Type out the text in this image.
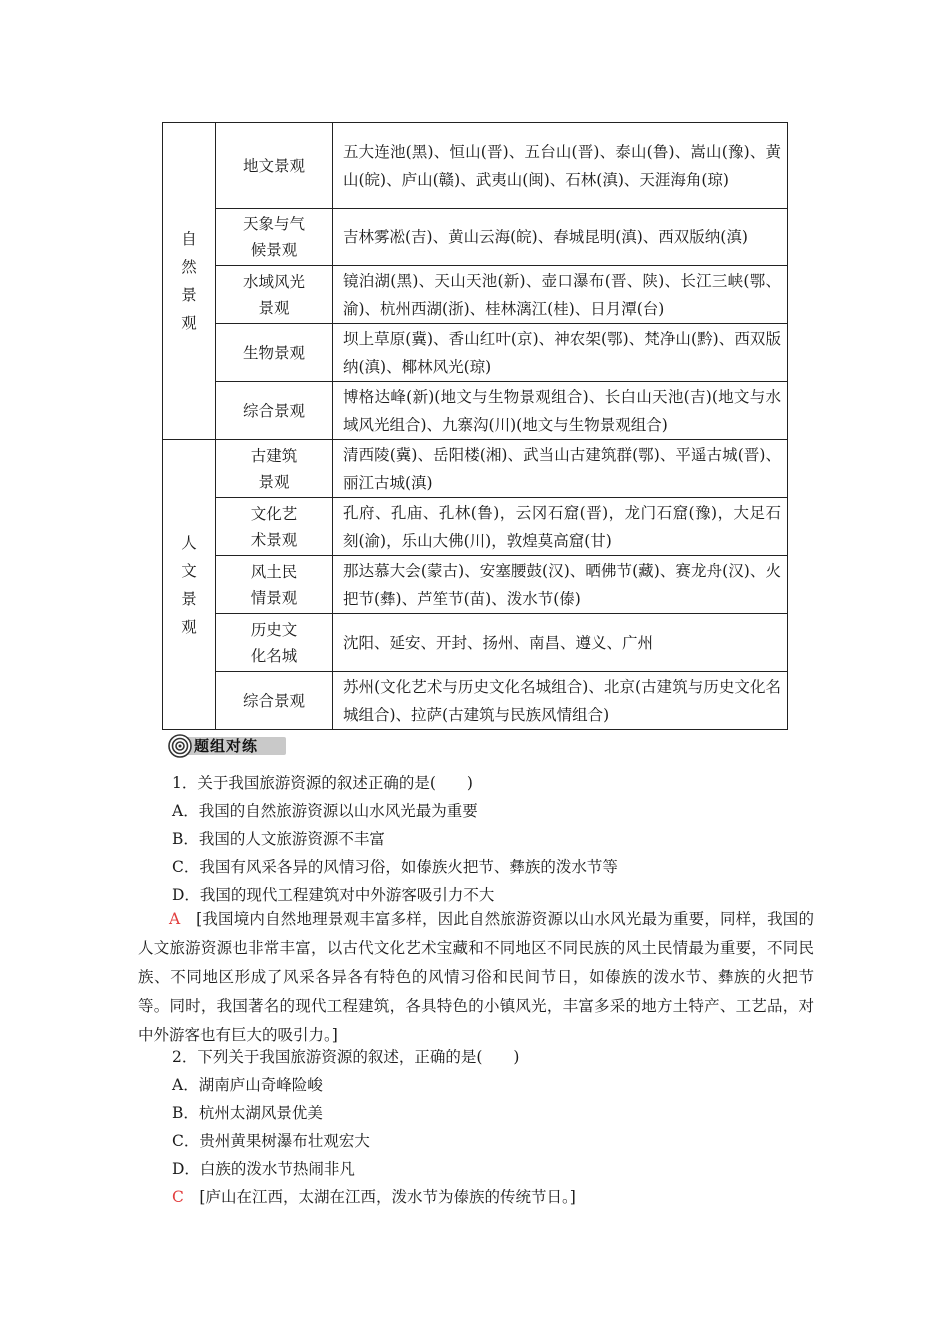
自
然
景
观	地文景观	五大连池(黑)、恒山(晋)、五台山(晋)、泰山(鲁)、嵩山(豫)、黄山(皖)、庐山(赣)、武夷山(闽)、石林(滇)、天涯海角(琼)

	天象与气
候景观	吉林雾凇(吉)、黄山云海(皖)、春城昆明(滇)、西双版纳(滇)

	水域风光
景观	镜泊湖(黑)、天山天池(新)、壶口瀑布(晋、陕)、长江三峡(鄂、渝)、杭州西湖(浙)、桂林漓江(桂)、日月潭(台)
	生物景观	坝上草原(冀)、香山红叶(京)、神农架(鄂)、梵净山(黔)、西双版纳(滇)、椰林风光(琼)
	综合景观	博格达峰(新)(地文与生物景观组合)、长白山天池(吉)(地文与水域风光组合)、九寨沟(川)(地文与生物景观组合)

人
文
景
观	古建筑
景观	清西陵(冀)、岳阳楼(湘)、武当山古建筑群(鄂)、平遥古城(晋)、丽江古城(滇)

	文化艺
术景观	孔府、孔庙、孔林(鲁)，云冈石窟(晋)，龙门石窟(豫)，大足石刻(渝)，乐山大佛(川)，敦煌莫高窟(甘)

	风土民
情景观	那达慕大会(蒙古)、安塞腰鼓(汉)、晒佛节(藏)、赛龙舟(汉)、火把节(彝)、芦笙节(苗)、泼水节(傣)

	历史文
化名城	沈阳、延安、开封、扬州、南昌、遵义、广州
	综合景观	苏州(文化艺术与历史文化名城组合)、北京(古建筑与历史文化名城组合)、拉萨(古建筑与民族风情组合)
题组对练
1．关于我国旅游资源的叙述正确的是(　　)
A．我国的自然旅游资源以山水风光最为重要
B．我国的人文旅游资源不丰富
C．我国有风采各异的风情习俗，如傣族火把节、彝族的泼水节等
D．我国的现代工程建筑对中外游客吸引力不大
A　 [我国境内自然地理景观丰富多样，因此自然旅游资源以山水风光最为重要，同样，我国的人文旅游资源也非常丰富，以古代文化艺术宝藏和不同地区不同民族的风土民情最为重要，不同民族、不同地区形成了风采各异各有特色的风情习俗和民间节日，如傣族的泼水节、彝族的火把节等。同时，我国著名的现代工程建筑，各具特色的小镇风光，丰富多采的地方土特产、工艺品，对中外游客也有巨大的吸引力。]
2．下列关于我国旅游资源的叙述，正确的是(　　)
A．湖南庐山奇峰险峻
B．杭州太湖风景优美
C．贵州黄果树瀑布壮观宏大
D．白族的泼水节热闹非凡
C　 [庐山在江西，太湖在江西，泼水节为傣族的传统节日。]
